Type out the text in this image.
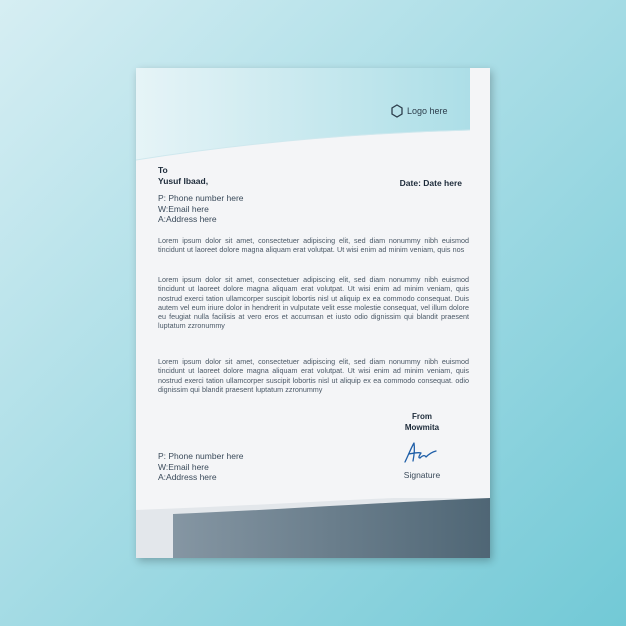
Logo here
To
Yusuf Ibaad,	Date: Date here
P: Phone number here
W:Email here
A:Address here
Lorem ipsum dolor sit amet, consectetuer adipiscing elit, sed diam nonummy nibh euismod tincidunt ut laoreet dolore magna aliquam erat volutpat. Ut wisi enim ad minim veniam, quis nos
Lorem ipsum dolor sit amet, consectetuer adipiscing elit, sed diam nonummy nibh euismod tincidunt ut laoreet dolore magna aliquam erat volutpat. Ut wisi enim ad minim veniam, quis nostrud exerci tation ullamcorper suscipit lobortis nisl ut aliquip ex ea commodo consequat. Duis autem vel eum iriure dolor in hendrerit in vulputate velit esse molestie consequat, vel illum dolore eu feugiat nulla facilisis at vero eros et accumsan et iusto odio dignissim qui blandit praesent luptatum zzronummy
Lorem ipsum dolor sit amet, consectetuer adipiscing elit, sed diam nonummy nibh euismod tincidunt ut laoreet dolore magna aliquam erat volutpat. Ut wisi enim ad minim veniam, quis nostrud exerci tation ullamcorper suscipit lobortis nisl ut aliquip ex ea commodo consequat. odio dignissim qui blandit praesent luptatum zzronummy
From
Mowmita
Signature
P: Phone number here
W:Email here
A:Address here
